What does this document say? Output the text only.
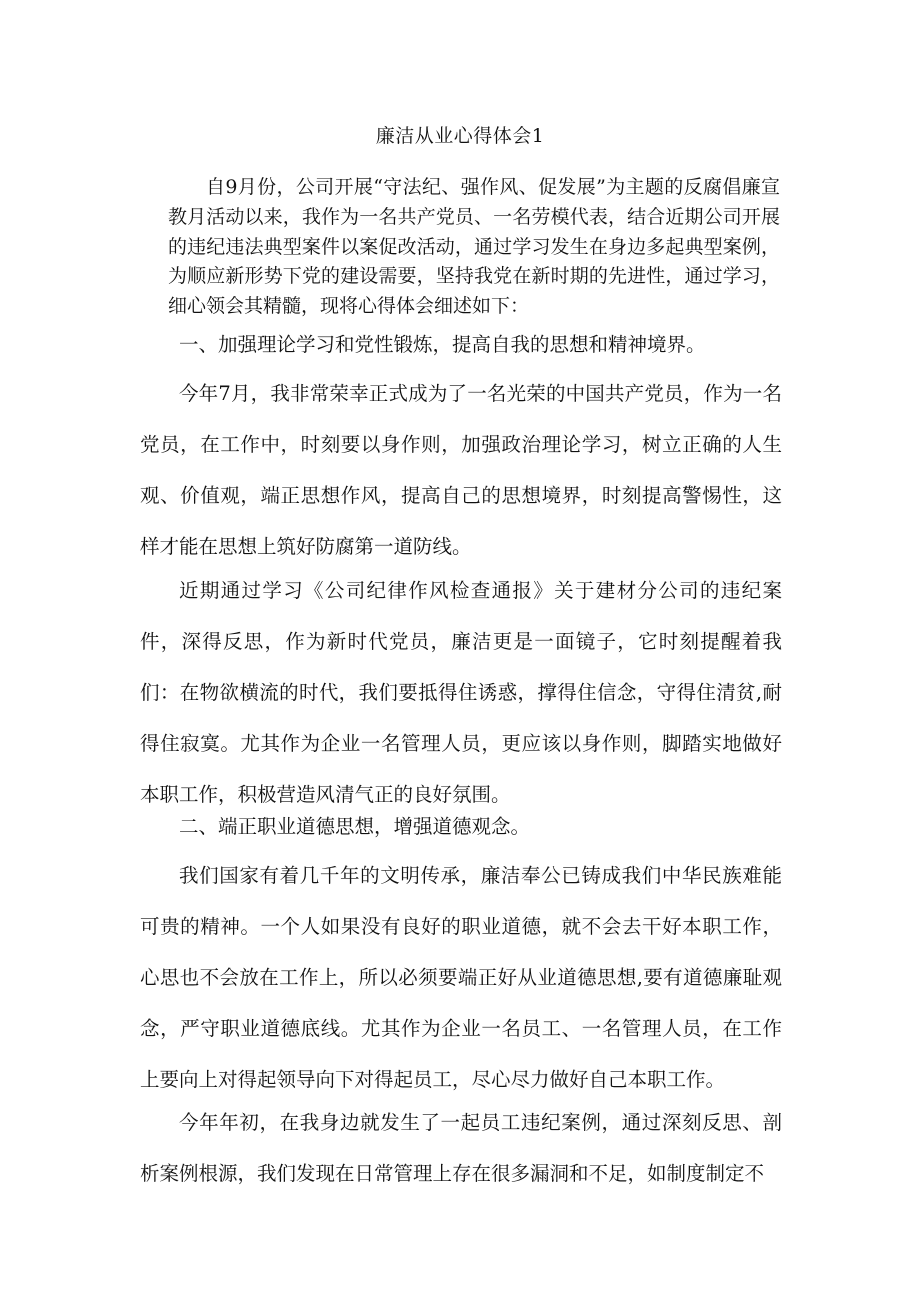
廉洁从业心得体会1
自9月份，公司开展“守法纪、强作风、促发展”为主题的反腐倡廉宣教月活动以来，我作为一名共产党员、一名劳模代表，结合近期公司开展的违纪违法典型案件以案促改活动，通过学习发生在身边多起典型案例，为顺应新形势下党的建设需要，坚持我党在新时期的先进性，通过学习，细心领会其精髓，现将心得体会细述如下：
一、加强理论学习和党性锻炼，提高自我的思想和精神境界。
今年7月，我非常荣幸正式成为了一名光荣的中国共产党员，作为一名党员，在工作中，时刻要以身作则，加强政治理论学习，树立正确的人生观、价值观，端正思想作风，提高自己的思想境界，时刻提高警惕性，这样才能在思想上筑好防腐第一道防线。
近期通过学习《公司纪律作风检查通报》关于建材分公司的违纪案件，深得反思，作为新时代党员，廉洁更是一面镜子，它时刻提醒着我们：在物欲横流的时代，我们要抵得住诱惑，撑得住信念，守得住清贫,耐得住寂寞。尤其作为企业一名管理人员，更应该以身作则，脚踏实地做好本职工作，积极营造风清气正的良好氛围。
二、端正职业道德思想，增强道德观念。
我们国家有着几千年的文明传承，廉洁奉公已铸成我们中华民族难能可贵的精神。一个人如果没有良好的职业道德，就不会去干好本职工作，心思也不会放在工作上，所以必须要端正好从业道德思想,要有道德廉耻观念，严守职业道德底线。尤其作为企业一名员工、一名管理人员，在工作上要向上对得起领导向下对得起员工，尽心尽力做好自己本职工作。
今年年初，在我身边就发生了一起员工违纪案例，通过深刻反思、剖析案例根源，我们发现在日常管理上存在很多漏洞和不足，如制度制定不
